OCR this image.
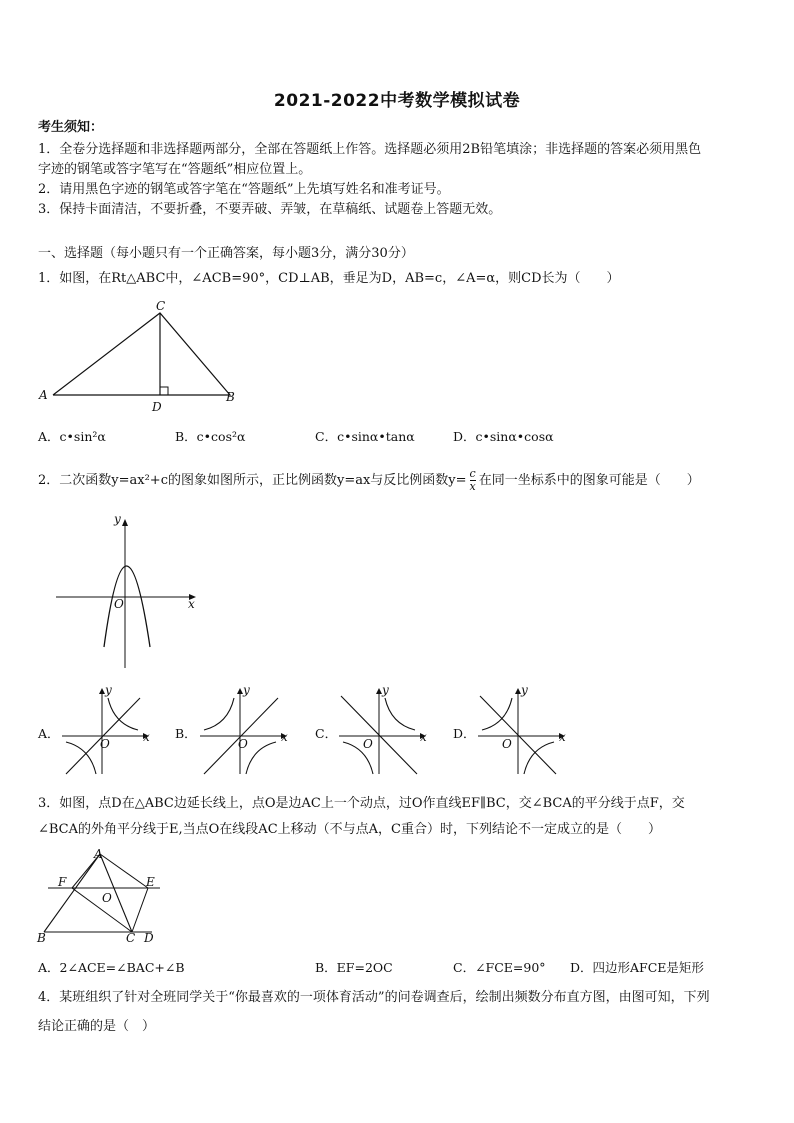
2021-2022中考数学模拟试卷
考生须知：
1．全卷分选择题和非选择题两部分，全部在答题纸上作答。选择题必须用2B铅笔填涂；非选择题的答案必须用黑色
字迹的钢笔或答字笔写在“答题纸”相应位置上。
2．请用黑色字迹的钢笔或答字笔在“答题纸”上先填写姓名和准考证号。
3．保持卡面清洁，不要折叠，不要弄破、弄皱，在草稿纸、试题卷上答题无效。
一、选择题（每小题只有一个正确答案，每小题3分，满分30分）
1．如图，在Rt△ABC中，∠ACB=90°，CD⊥AB，垂足为D，AB=c，∠A=α，则CD长为（　　）
C
A	B
D
A．c•sin²α	B．c•cos²α	C．c•sinα•tanα	D．c•sinα•cosα
2．二次函数y=ax²+c的图象如图所示，正比例函数y=ax与反比例函数$y= \frac{c}{x}$ 在同一坐标系中的图象可能是（　　）
y
x
O
A．
y
x
O
B．
y
x
O
C．
y
x
O
D．
y
x
O
3．如图，点D在△ABC边延长线上，点O是边AC上一个动点，过O作直线EF∥BC，交∠BCA的平分线于点F，交
∠BCA的外角平分线于E,当点O在线段AC上移动（不与点A，C重合）时，下列结论不一定成立的是（　　）
A
B	C D
E
F
O
A．2∠ACE=∠BAC+∠B	B．EF=2OC	C．∠FCE=90° D．四边形AFCE是矩形
4．某班组织了针对全班同学关于“你最喜欢的一项体育活动”的问卷调查后，绘制出频数分布直方图，由图可知，下列
结论正确的是（　）
